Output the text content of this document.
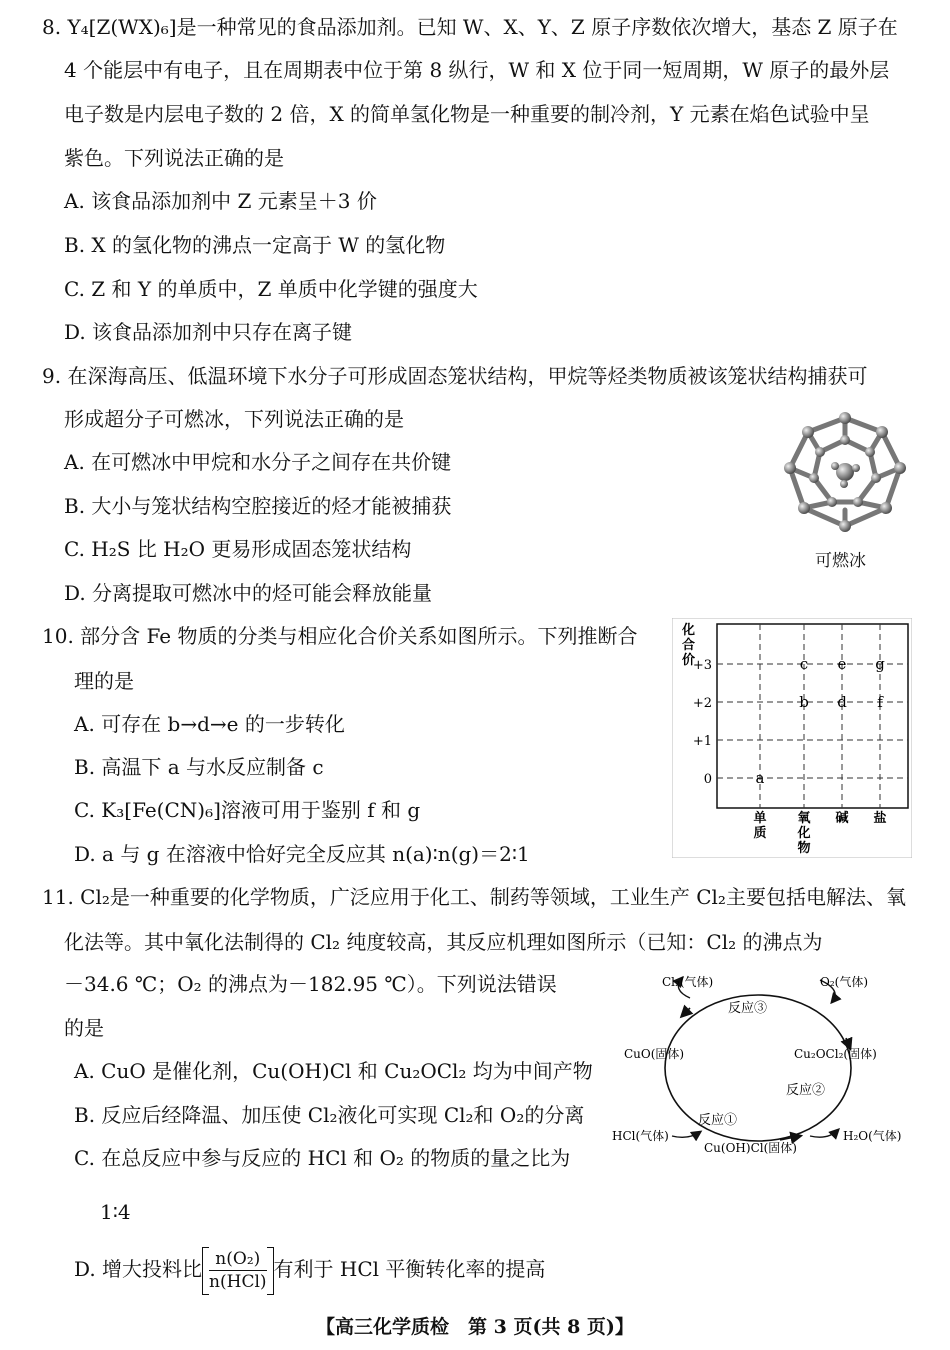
8. Y₄[Z(WX)₆]是一种常见的食品添加剂。已知 W、X、Y、Z 原子序数依次增大，基态 Z 原子在
4 个能层中有电子，且在周期表中位于第 8 纵行，W 和 X 位于同一短周期，W 原子的最外层
电子数是内层电子数的 2 倍，X 的简单氢化物是一种重要的制冷剂，Y 元素在焰色试验中呈
紫色。下列说法正确的是
A. 该食品添加剂中 Z 元素呈＋3 价
B. X 的氢化物的沸点一定高于 W 的氢化物
C. Z 和 Y 的单质中，Z 单质中化学键的强度大
D. 该食品添加剂中只存在离子键
9. 在深海高压、低温环境下水分子可形成固态笼状结构，甲烷等烃类物质被该笼状结构捕获可
形成超分子可燃冰，下列说法正确的是
A. 在可燃冰中甲烷和水分子之间存在共价键
B. 大小与笼状结构空腔接近的烃才能被捕获
C. H₂S 比 H₂O 更易形成固态笼状结构
D. 分离提取可燃冰中的烃可能会释放能量
可燃冰
10. 部分含 Fe 物质的分类与相应化合价关系如图所示。下列推断合
理的是
A. 可存在 b→d→e 的一步转化
B. 高温下 a 与水反应制备 c
C. K₃[Fe(CN)₆]溶液可用于鉴别 f 和 g
D. a 与 g 在溶液中恰好完全反应其 n(a)∶n(g)＝2∶1
+3
+2
+1
0
单质
氧化物
碱 盐
a
b
c
d
e
f
g
化合价
11. Cl₂是一种重要的化学物质，广泛应用于化工、制药等领域，工业生产 Cl₂主要包括电解法、氧
化法等。其中氧化法制得的 Cl₂ 纯度较高，其反应机理如图所示（已知：Cl₂ 的沸点为
－34.6 ℃；O₂ 的沸点为－182.95 ℃）。下列说法错误
的是
A. CuO 是催化剂，Cu(OH)Cl 和 Cu₂OCl₂ 均为中间产物
B. 反应后经降温、加压使 Cl₂液化可实现 Cl₂和 O₂的分离
C. 在总反应中参与反应的 HCl 和 O₂ 的物质的量之比为
1∶4
D. 增大投料比 $\frac{\text{n(O₂)}}{\text{n(HCl)}}$ 有利于 HCl 平衡转化率的提高
Cl₂(气体)	O₂(气体)
反应③
CuO(固体)	Cu₂OCl₂(固体)
反应②
反应①
HCl(气体)
Cu(OH)Cl(固体)
H₂O(气体)
【高三化学质检　第 3 页(共 8 页)】
